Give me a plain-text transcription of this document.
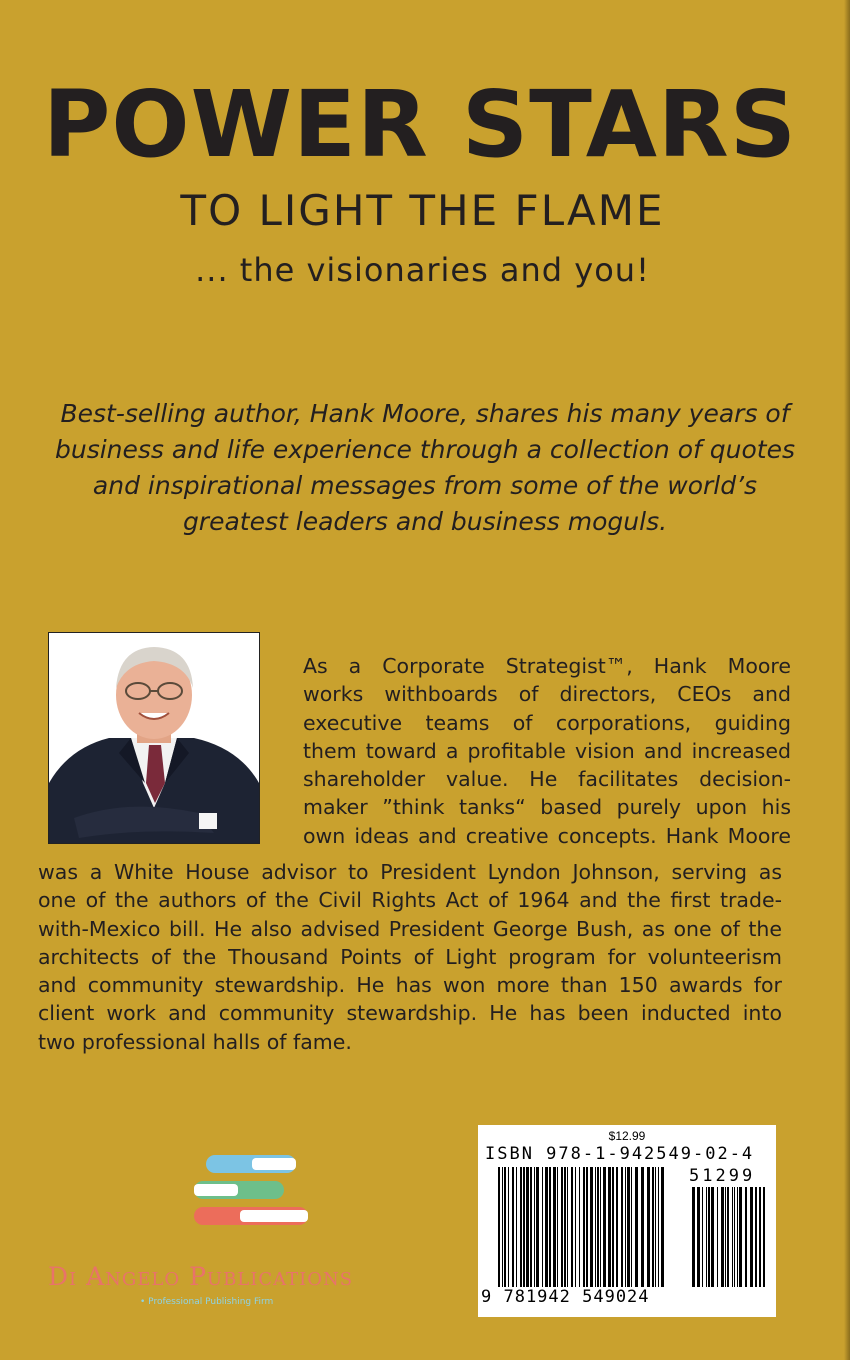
POWER STARS
TO LIGHT THE FLAME
... the visionaries and you!
Best-selling author, Hank Moore, shares his many years of
business and life experience through a collection of quotes
and inspirational messages from some of the world’s
greatest leaders and business moguls.
As a Corporate Strategist™, Hank Moore
works withboards of directors, CEOs and
executive teams of corporations, guiding
them toward a profitable vision and increased
shareholder value. He facilitates decision-
maker ”think tanks“ based purely upon his
own ideas and creative concepts. Hank Moore
was a White House advisor to President Lyndon Johnson, serving as
one of the authors of the Civil Rights Act of 1964 and the first trade-
with-Mexico bill. He also advised President George Bush, as one of the
architects of the Thousand Points of Light program for volunteerism
and community stewardship. He has won more than 150 awards for
client work and community stewardship. He has been inducted into
two professional halls of fame.
Di Angelo Publications
• Professional Publishing Firm
$12.99
ISBN 978-1-942549-02-4
51299
9 781942 549024
